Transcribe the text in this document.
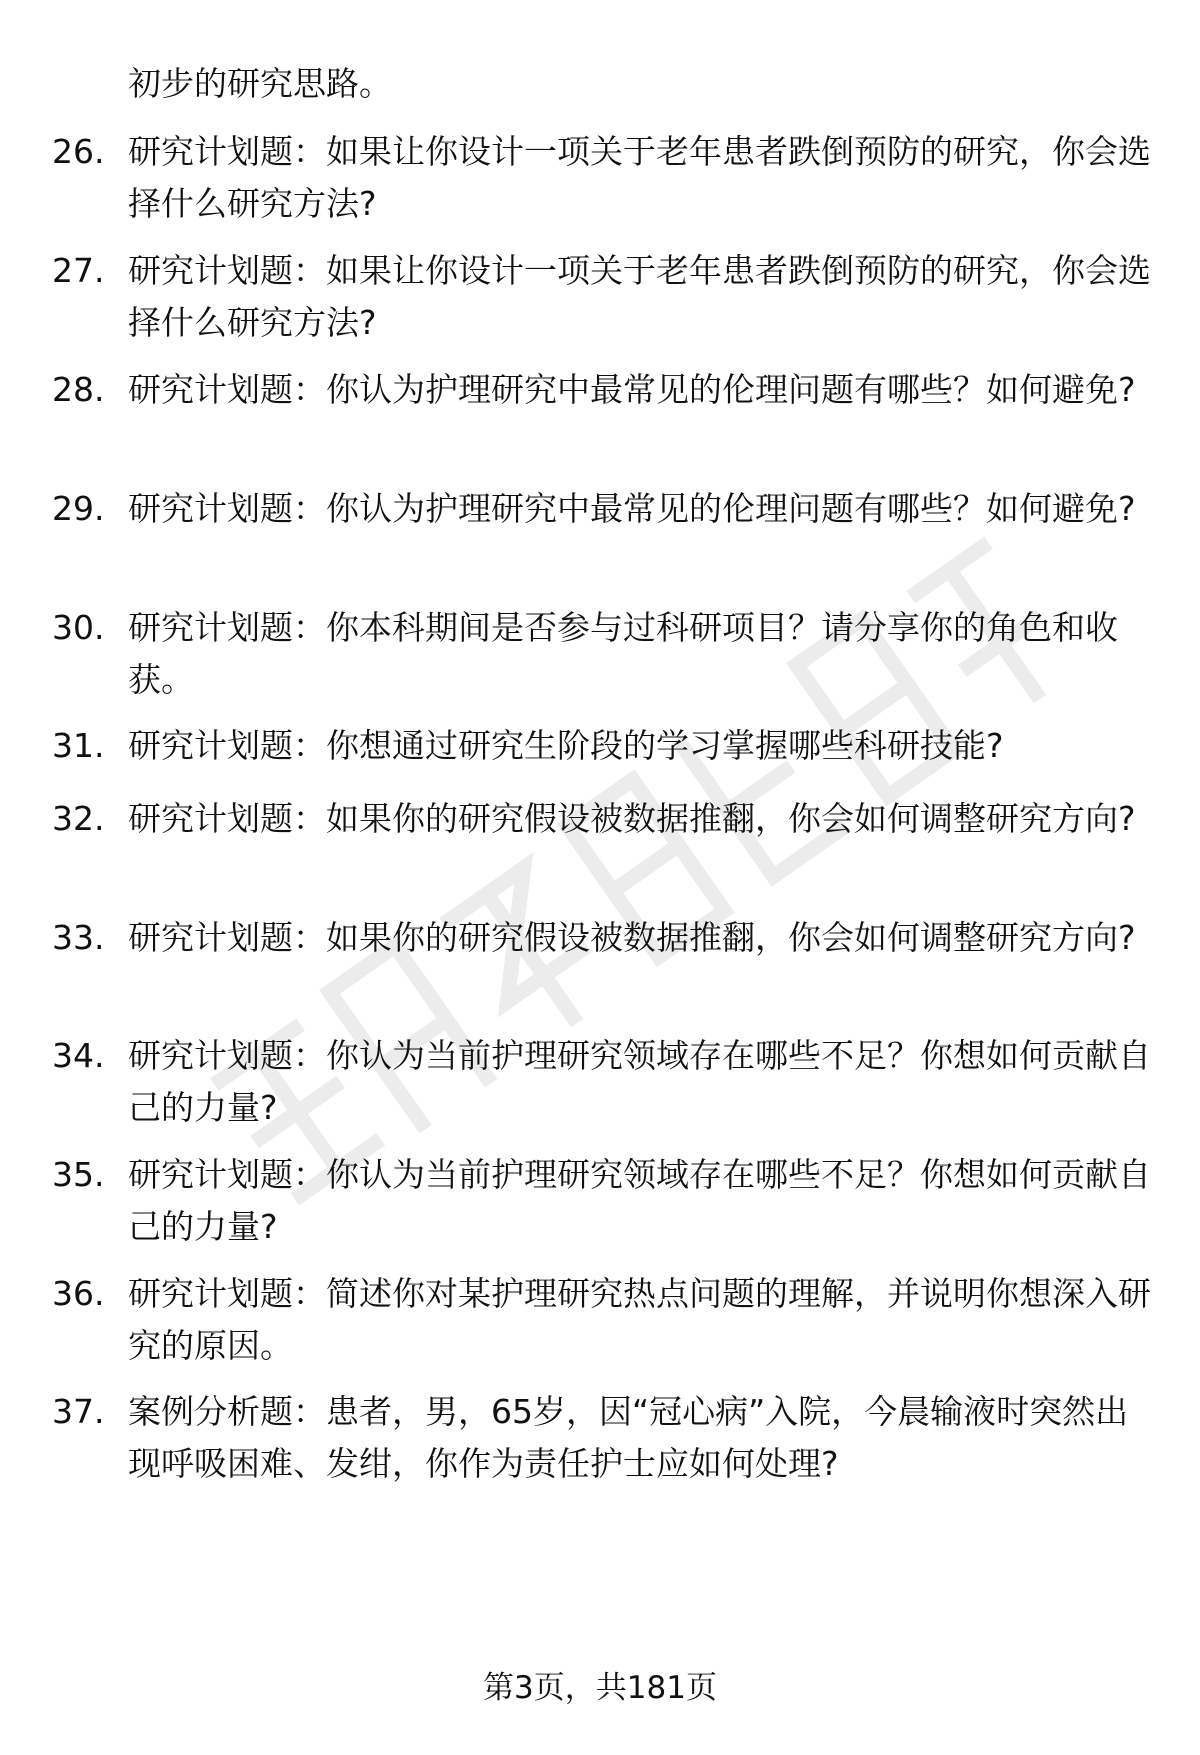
初步的研究思路。
26. 研究计划题：如果让你设计一项关于老年患者跌倒预防的研究，你会选择什么研究方法?
27. 研究计划题：如果让你设计一项关于老年患者跌倒预防的研究，你会选择什么研究方法?
28. 研究计划题：你认为护理研究中最常见的伦理问题有哪些？如何避免?
29. 研究计划题：你认为护理研究中最常见的伦理问题有哪些？如何避免?
30. 研究计划题：你本科期间是否参与过科研项目？请分享你的角色和收获。
31. 研究计划题：你想通过研究生阶段的学习掌握哪些科研技能?
32. 研究计划题：如果你的研究假设被数据推翻，你会如何调整研究方向?
33. 研究计划题：如果你的研究假设被数据推翻，你会如何调整研究方向?
34. 研究计划题：你认为当前护理研究领域存在哪些不足？你想如何贡献自己的力量?
35. 研究计划题：你认为当前护理研究领域存在哪些不足？你想如何贡献自己的力量?
36. 研究计划题：简述你对某护理研究热点问题的理解，并说明你想深入研究的原因。
37. 案例分析题：患者，男，65岁，因“冠心病”入院，今晨输液时突然出现呼吸困难、发绀，你作为责任护士应如何处理?
第3页，共181页
